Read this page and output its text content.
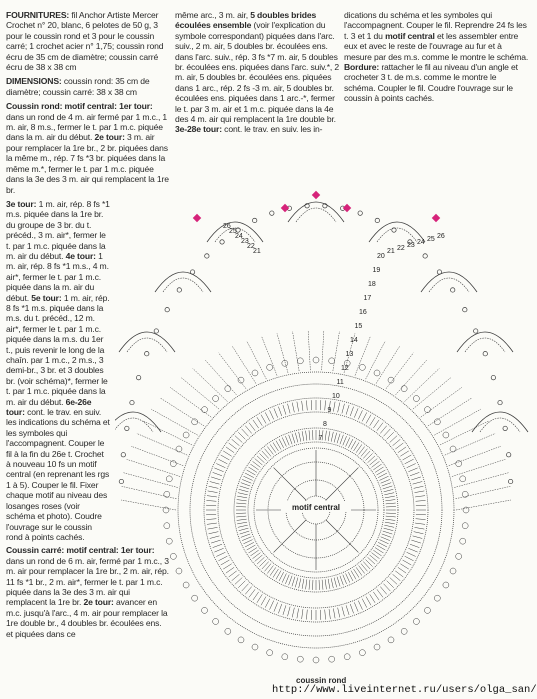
FOURNITURES: fil Anchor Artiste Mercer Crochet n° 20, blanc, 6 pelotes de 50 g, 3 pour le coussin rond et 3 pour le coussin carré; 1 crochet acier n° 1,75; coussin rond écru de 35 cm de diamètre; coussin carré écru de 38 x 38 cm

DIMENSIONS: coussin rond: 35 cm de diamètre; coussin carré: 38 x 38 cm

Coussin rond: motif central: 1er tour: dans un rond de 4 m. air fermé par 1 m.c., 1 m. air, 8 m.s., fermer le t. par 1 m.c. piquée dans la m. air du début. 2e tour: 3 m. air pour remplacer la 1re br., 2 br. piquées dans la même m., rép. 7 fs *3 br. piquées dans la même m.*, fermer le t. par 1 m.c. piquée dans la 3e des 3 m. air qui remplacent la 1re br.

3e tour: 1 m. air, rép. 8 fs *1 m.s. piquée dans la 1re br. du groupe de 3 br. du t. précéd., 3 m. air*, fermer le t. par 1 m.c. piquée dans la m. air du début. 4e tour: 1 m. air, rép. 8 fs *1 m.s., 4 m. air*, fermer le t. par 1 m.c. piquée dans la m. air du début. 5e tour: 1 m. air, rép. 8 fs *1 m.s. piquée dans la m.s. du t. précéd., 12 m. air*, fermer le t. par 1 m.c. piquée dans la m.s. du 1er t., puis revenir le long de la chaîn. par 1 m.c., 2 m.s., 3 demi-br., 3 br. et 3 doubles br. (voir schéma)*, fermer le t. par 1 m.c. piquée dans la m. air du début. 6e-26e tour: cont. le trav. en suiv. les indications du schéma et les symboles qui l'accompagnent. Couper le fil à la fin du 26e t. Crochet à nouveau 10 fs un motif central (en reprenant les rgs 1 à 5). Couper le fil. Fixer chaque motif au niveau des losanges roses (voir schéma et photo). Coudre l'ouvrage sur le coussin rond à points cachés.

Coussin carré: motif central: 1er tour: dans un rond de 6 m. air, fermé par 1 m.c., 3 m. air pour remplacer la 1re br., 2 m. air, rép. 11 fs *1 br., 2 m. air*, fermer le t. par 1 m.c. piquée dans la 3e des 3 m. air qui remplacent la 1re br. 2e tour: avancer en m.c. jusqu'à l'arc., 4 m. air pour remplacer la 1re double br., 4 doubles br. écoulées ens. et piquées dans ce

même arc., 3 m. air, 5 doubles brides écoulées ensemble (voir l'explication du symbole correspondant) piquées dans l'arc. suiv., 2 m. air, 5 doubles br. écoulées ens. dans l'arc. suiv., rép. 3 fs *7 m. air, 5 doubles br. écoulées ens. piquées dans l'arc. suiv.*, 2 m. air, 5 doubles br. écoulées ens. piquées dans 1 arc., rép. 2 fs -3 m. air, 5 doubles br. écoulées ens. piquées dans 1 arc.-*, fermer le t. par 3 m. air et 1 m.c. piquée dans la 4e des 4 m. air qui remplacent la 1re double br. 3e-28e tour: cont. le trav. en suiv. les in-
dications du schéma et les symboles qui l'accompagnent. Couper le fil. Reprendre 24 fs les t. 3 et 1 du motif central et les assembler entre eux et avec le reste de l'ouvrage au fur et à mesure par des m.s. comme le montre le schéma. Bordure: rattacher le fil au niveau d'un angle et crocheter 3 t. de m.s. comme le montre le schéma. Coupler le fil. Coudre l'ouvrage sur le coussin à points cachés.
26
25
24
23
22
21
26
25
24
23
22
21
20
19
18
17
16
15
14
13
12
11
10
9
8
7
motif central
coussin rond
http://www.liveinternet.ru/users/olga_san/
